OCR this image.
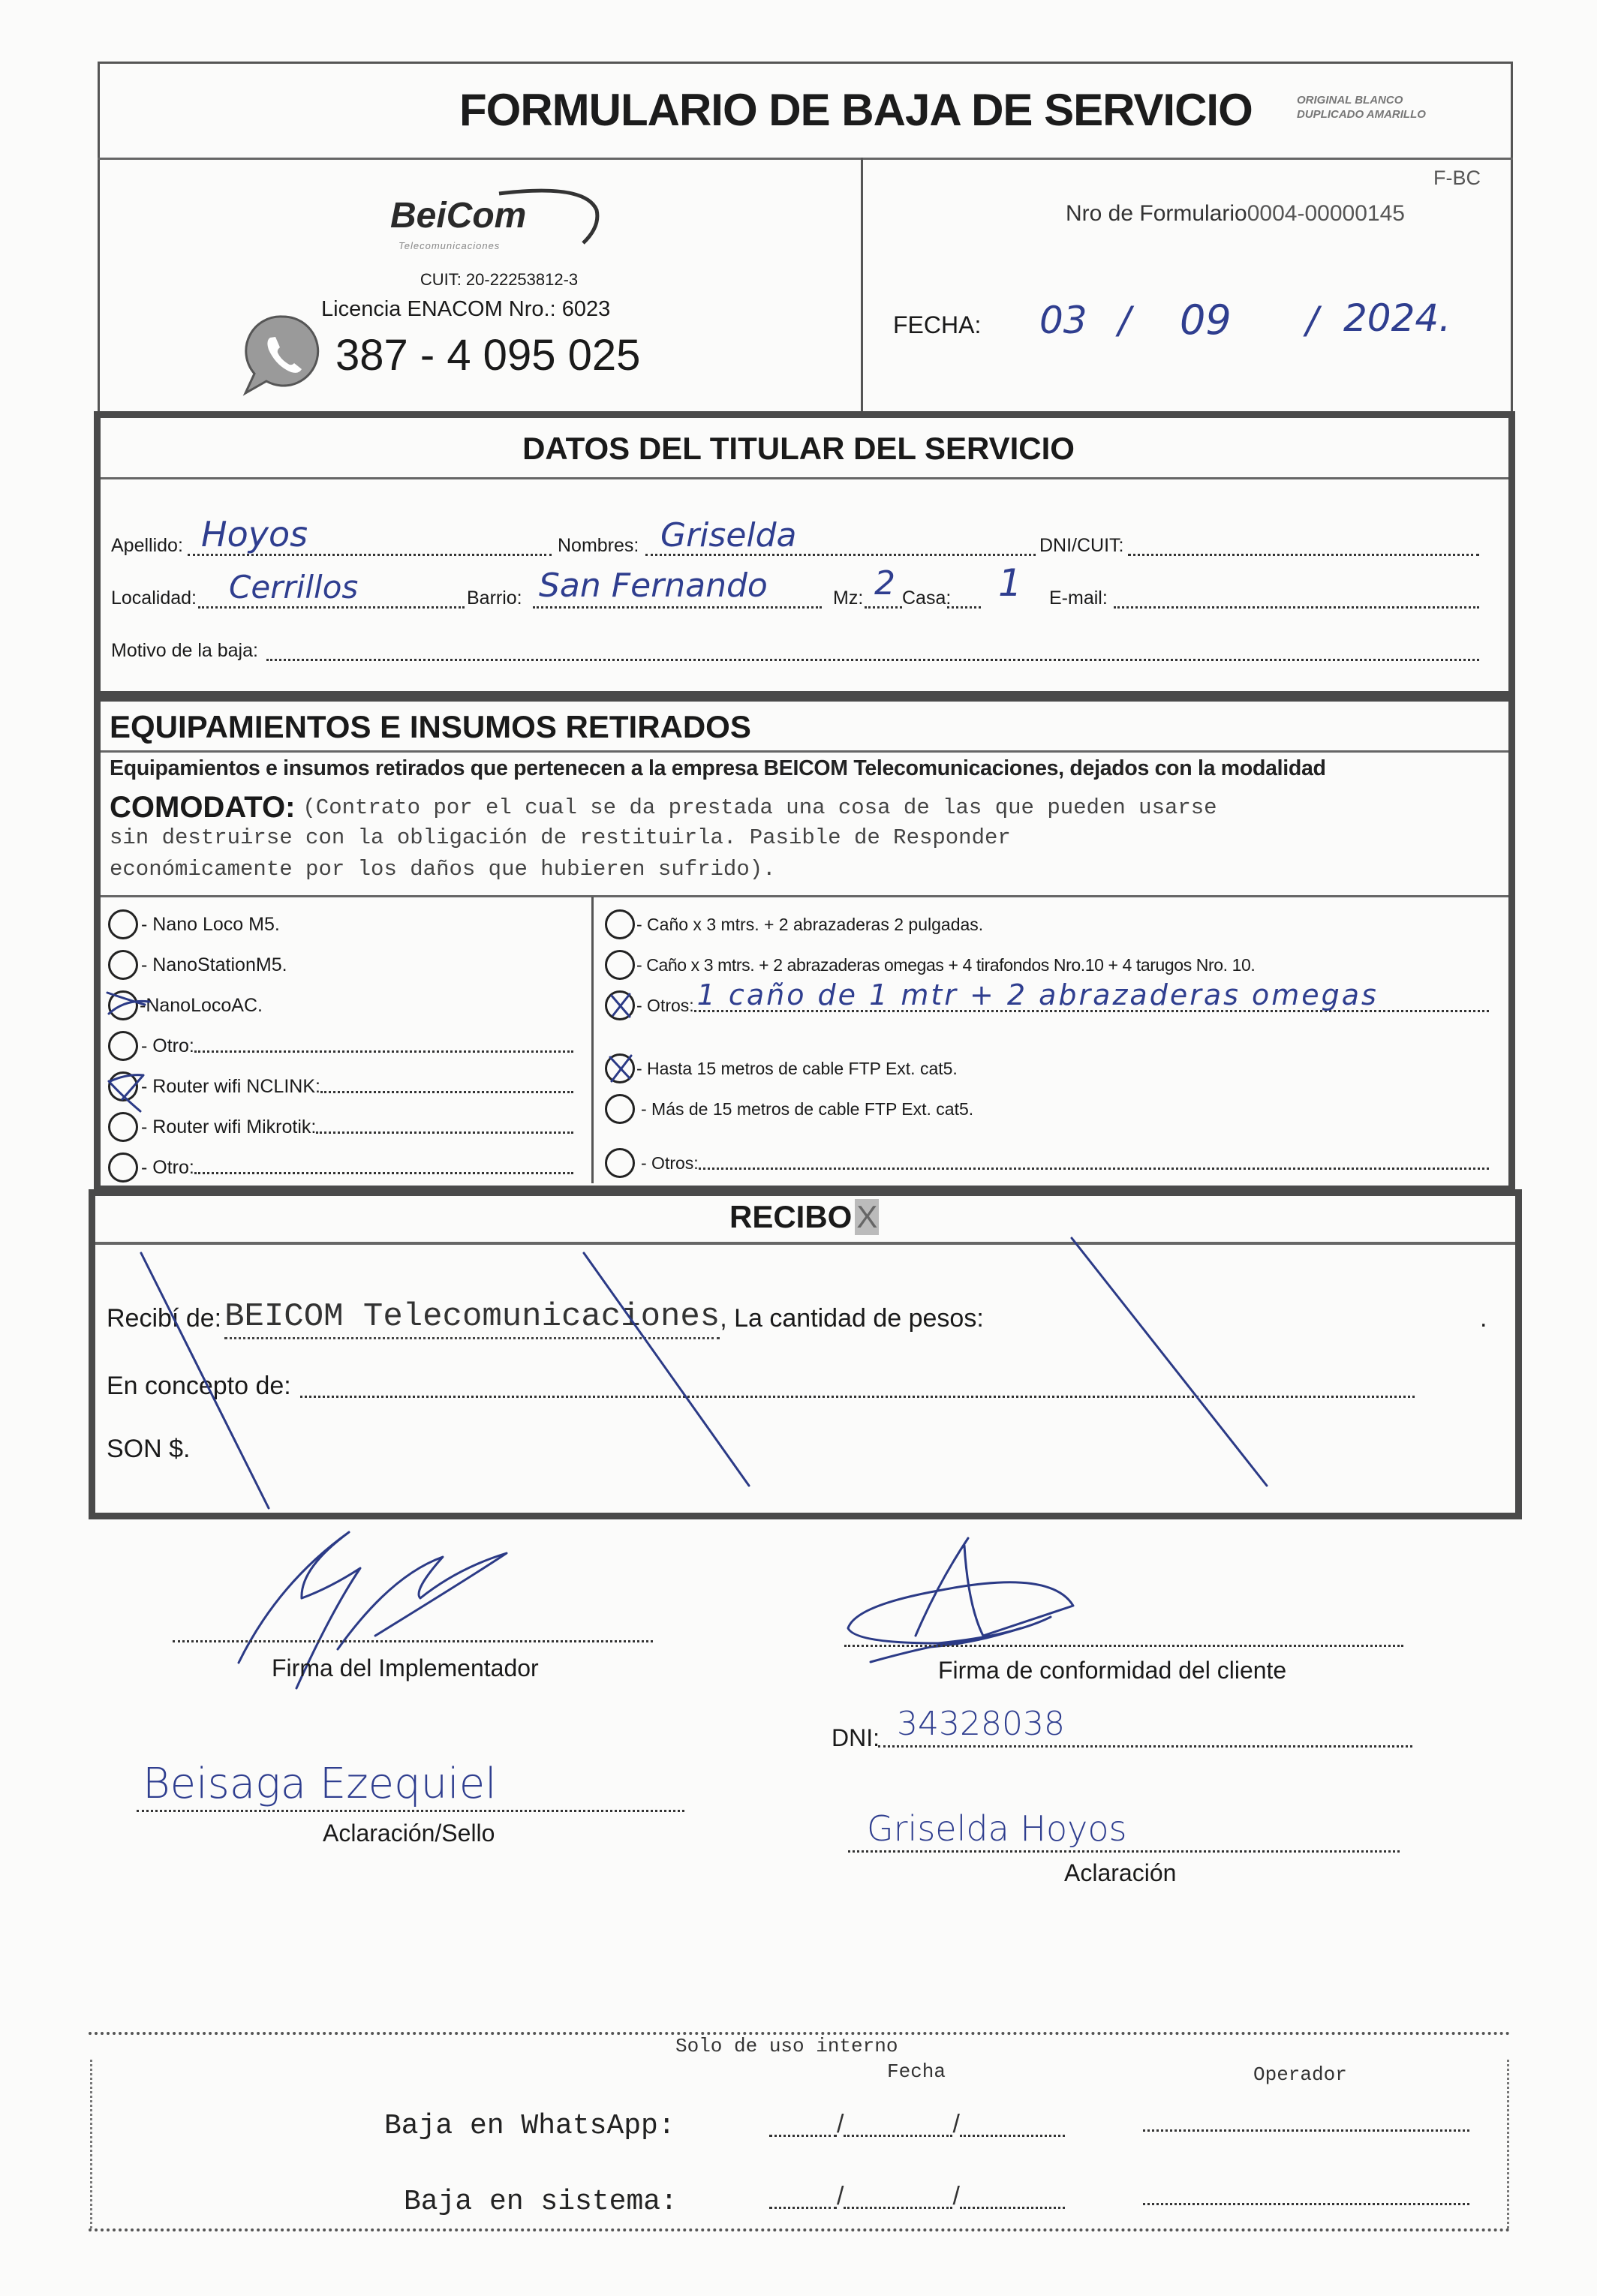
FORMULARIO DE BAJA DE SERVICIO	ORIGINAL BLANCO
DUPLICADO AMARILLO
BeiCom
Telecomunicaciones
CUIT: 20-22253812-3
Licencia ENACOM Nro.: 6023
387 - 4 095 025
F-BC
Nro de Formulario 0004-00000145
FECHA: 03 / 09 / 2024.
DATOS DEL TITULAR DEL SERVICIO
Apellido: Hoyos	Nombres: Griselda	DNI/CUIT:
Localidad: Cerrillos	Barrio: San Fernando	Mz: 2 Casa: 1 E-mail:
Motivo de la baja:
EQUIPAMIENTOS E INSUMOS RETIRADOS
Equipamientos e insumos retirados que pertenecen a la empresa BEICOM Telecomunicaciones, dejados con la modalidad
COMODATO: (Contrato por el cual se da prestada una cosa de las que pueden usarse
sin destruirse con la obligación de restituirla. Pasible de Responder
económicamente por los daños que hubieren sufrido).
- Nano Loco M5.
- NanoStationM5.
-NanoLocoAC.
- Otro:
- Router wifi NCLINK:
- Router wifi Mikrotik:
- Otro:
- Caño x 3 mtrs. + 2 abrazaderas 2 pulgadas.
- Caño x 3 mtrs. + 2 abrazaderas omegas + 4 tirafondos Nro.10 + 4 tarugos Nro. 10.
- Otros: 1 caño de 1 mtr + 2 abrazaderas omegas
- Hasta 15 metros de cable FTP Ext. cat5.
- Más de 15 metros de cable FTP Ext. cat5.
- Otros:
RECIBO X
Recibí de: BEICOM Telecomunicaciones , La cantidad de pesos:	.
En concepto de:
SON $.
Firma del Implementador
Beisaga Ezequiel
Aclaración/Sello
Firma de conformidad del cliente
DNI: 34328038
Griselda Hoyos
Aclaración
Solo de uso interno
Fecha	Operador
Baja en WhatsApp:	/	/
Baja en sistema:	/	/
